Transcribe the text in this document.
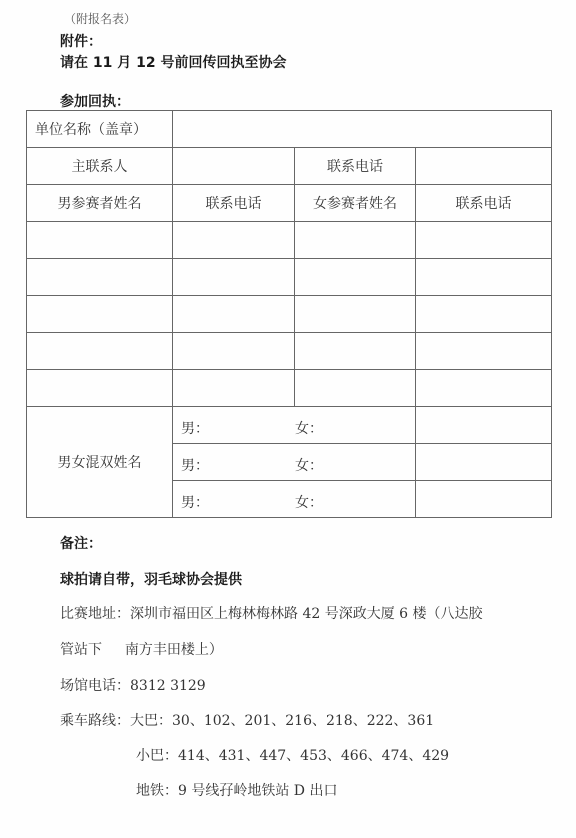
（附报名表）
附件：
请在 11 月 12 号前回传回执至协会
参加回执：
单位名称（盖章）			
主联系人		联系电话	
男参赛者姓名	联系电话	女参赛者姓名	联系电话

男女混双姓名	男： 女：		

	男： 女：		

	男： 女：		

备注：
球拍请自带，羽毛球协会提供
比赛地址：深圳市福田区上梅林梅林路 42 号深政大厦 6 楼（八达胶
管站下 　 南方丰田楼上）
场馆电话：8312 3129
乘车路线：大巴：30、102、201、216、218、222、361
小巴：414、431、447、453、466、474、429
地铁：9 号线孖岭地铁站 D 出口
